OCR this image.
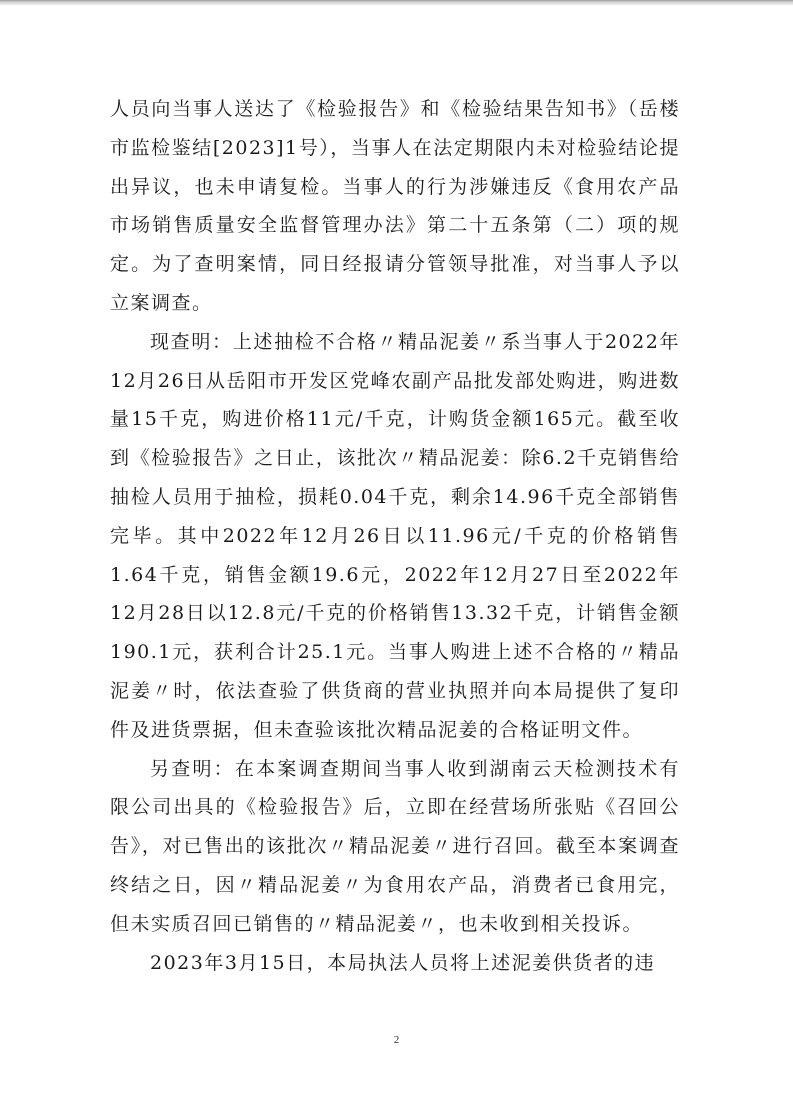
人员向当事人送达了《检验报告》和《检验结果告知书》（岳楼市监检鉴结[2023]1号），当事人在法定期限内未对检验结论提出异议，也未申请复检。当事人的行为涉嫌违反《食用农产品市场销售质量安全监督管理办法》第二十五条第（二）项的规定。为了查明案情，同日经报请分管领导批准，对当事人予以立案调查。

现查明：上述抽检不合格〃精品泥姜〃系当事人于2022年12月26日从岳阳市开发区党峰农副产品批发部处购进，购进数量15千克，购进价格11元/千克，计购货金额165元。截至收到《检验报告》之日止，该批次〃精品泥姜：除6.2千克销售给抽检人员用于抽检，损耗0.04千克，剩余14.96千克全部销售完毕。其中2022年12月26日以11.96元/千克的价格销售1.64千克，销售金额19.6元，2022年12月27日至2022年12月28日以12.8元/千克的价格销售13.32千克，计销售金额190.1元，获利合计25.1元。当事人购进上述不合格的〃精品泥姜〃时，依法查验了供货商的营业执照并向本局提供了复印件及进货票据，但未查验该批次精品泥姜的合格证明文件。

另查明：在本案调查期间当事人收到湖南云天检测技术有限公司出具的《检验报告》后，立即在经营场所张贴《召回公告》，对已售出的该批次〃精品泥姜〃进行召回。截至本案调查终结之日，因〃精品泥姜〃为食用农产品，消费者已食用完，但未实质召回已销售的〃精品泥姜〃，也未收到相关投诉。

2023年3月15日，本局执法人员将上述泥姜供货者的违

2
